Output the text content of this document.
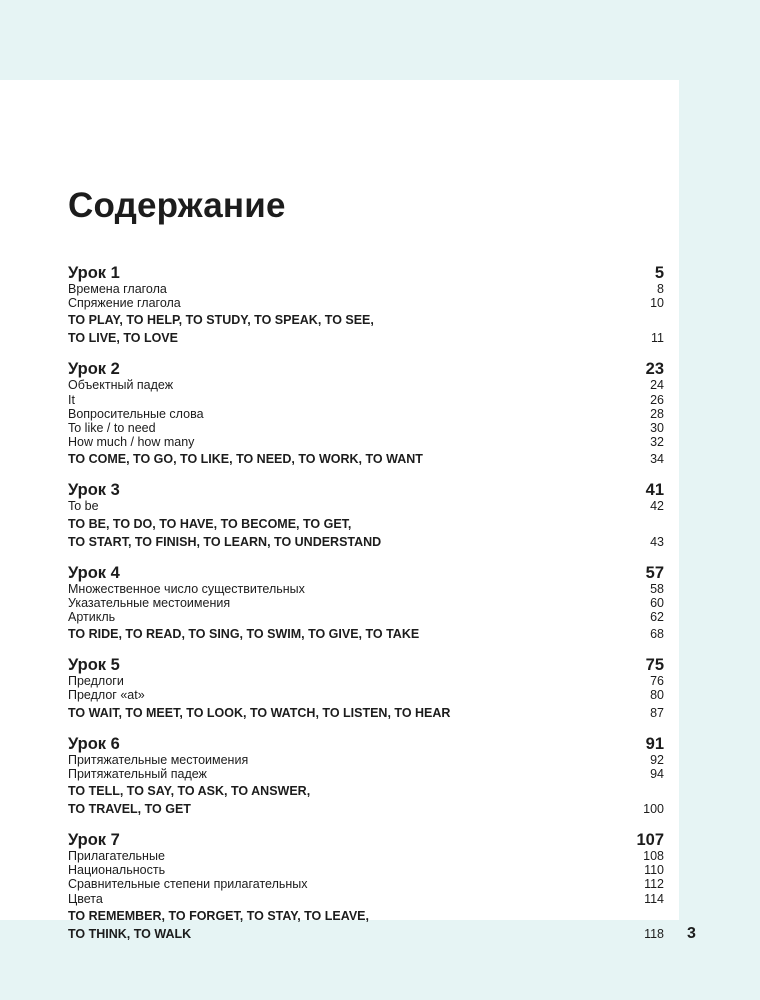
Содержание
Урок 1	5
Времена глагола	8
Спряжение глагола	10
TO PLAY, TO HELP, TO STUDY, TO SPEAK, TO SEE,
TO LIVE, TO LOVE	11
Урок 2	23
Объектный падеж	24
It	26
Вопросительные слова	28
To like / to need	30
How much / how many	32
TO COME, TO GO, TO LIKE, TO NEED, TO WORK, TO WANT	34
Урок 3	41
To be	42
TO BE, TO DO, TO HAVE, TO BECOME, TO GET,
TO START, TO FINISH, TO LEARN, TO UNDERSTAND	43
Урок 4	57
Множественное число существительных	58
Указательные местоимения	60
Артикль	62
TO RIDE, TO READ, TO SING, TO SWIM, TO GIVE, TO TAKE	68
Урок 5	75
Предлоги	76
Предлог «at»	80
TO WAIT, TO MEET, TO LOOK, TO WATCH, TO LISTEN, TO HEAR	87
Урок 6	91
Притяжательные местоимения	92
Притяжательный падеж	94
TO TELL, TO SAY, TO ASK, TO ANSWER,
TO TRAVEL, TO GET	100
Урок 7	107
Прилагательные	108
Национальность	110
Сравнительные степени прилагательных	112
Цвета	114
TO REMEMBER, TO FORGET, TO STAY, TO LEAVE,
TO THINK, TO WALK	118 3
